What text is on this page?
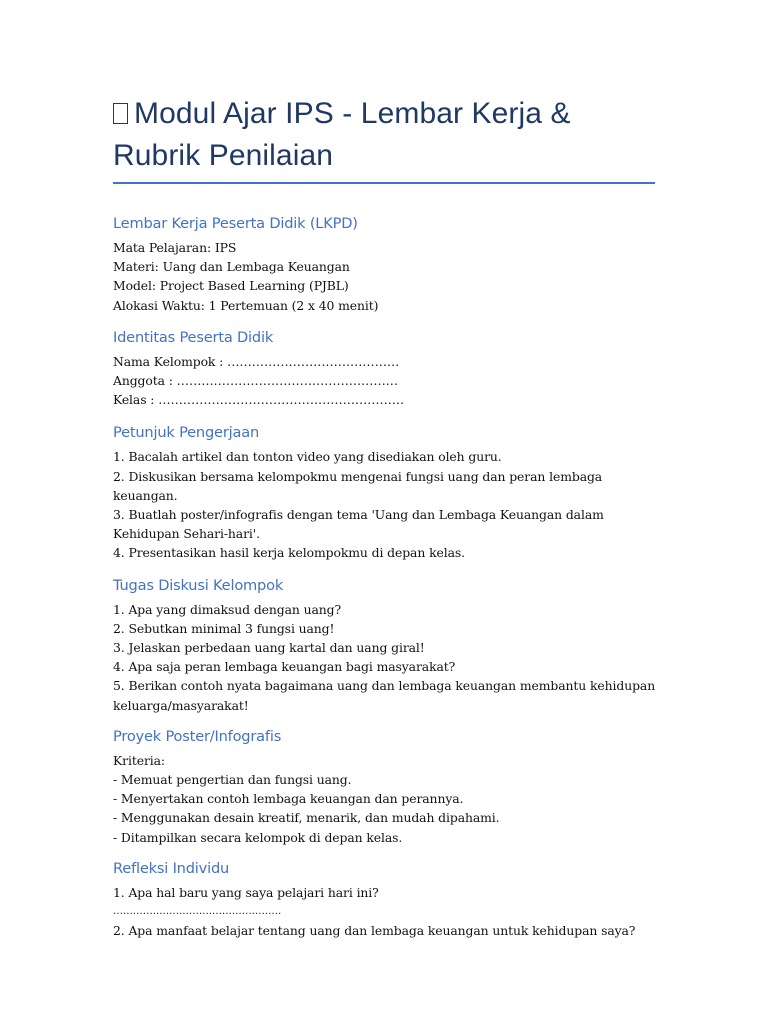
Modul Ajar IPS - Lembar Kerja & Rubrik Penilaian
Lembar Kerja Peserta Didik (LKPD)
Mata Pelajaran: IPS
Materi: Uang dan Lembaga Keuangan
Model: Project Based Learning (PJBL)
Alokasi Waktu: 1 Pertemuan (2 x 40 menit)
Identitas Peserta Didik
Nama Kelompok : ……………………………………
Anggota : ………………………………………………
Kelas : ……………………………………………………
Petunjuk Pengerjaan
1. Bacalah artikel dan tonton video yang disediakan oleh guru.
2. Diskusikan bersama kelompokmu mengenai fungsi uang dan peran lembaga keuangan.
3. Buatlah poster/infografis dengan tema 'Uang dan Lembaga Keuangan dalam Kehidupan Sehari-hari'.
4. Presentasikan hasil kerja kelompokmu di depan kelas.
Tugas Diskusi Kelompok
1. Apa yang dimaksud dengan uang?
2. Sebutkan minimal 3 fungsi uang!
3. Jelaskan perbedaan uang kartal dan uang giral!
4. Apa saja peran lembaga keuangan bagi masyarakat?
5. Berikan contoh nyata bagaimana uang dan lembaga keuangan membantu kehidupan keluarga/masyarakat!
Proyek Poster/Infografis
Kriteria:
- Memuat pengertian dan fungsi uang.
- Menyertakan contoh lembaga keuangan dan perannya.
- Menggunakan desain kreatif, menarik, dan mudah dipahami.
- Ditampilkan secara kelompok di depan kelas.
Refleksi Individu
1. Apa hal baru yang saya pelajari hari ini?
……………………………………………
2. Apa manfaat belajar tentang uang dan lembaga keuangan untuk kehidupan saya?
